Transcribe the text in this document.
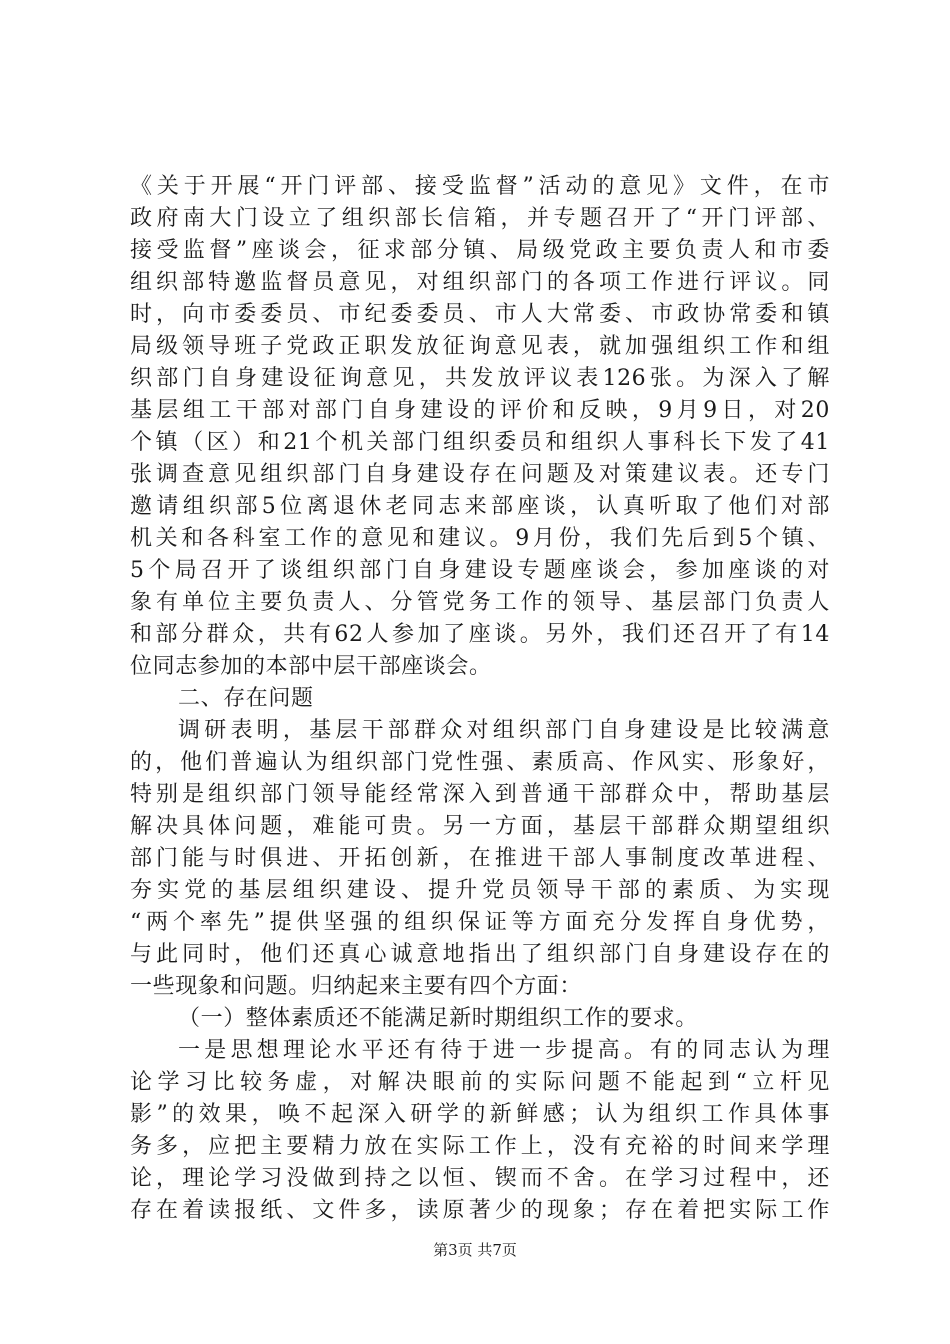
《关于开展“开门评部、接受监督”活动的意见》文件，在市
政府南大门设立了组织部长信箱，并专题召开了“开门评部、
接受监督”座谈会，征求部分镇、局级党政主要负责人和市委
组织部特邀监督员意见，对组织部门的各项工作进行评议。同
时，向市委委员、市纪委委员、市人大常委、市政协常委和镇
局级领导班子党政正职发放征询意见表，就加强组织工作和组
织部门自身建设征询意见，共发放评议表126张。为深入了解
基层组工干部对部门自身建设的评价和反映，9月9日，对20
个镇（区）和21个机关部门组织委员和组织人事科长下发了41
张调查意见组织部门自身建设存在问题及对策建议表。还专门
邀请组织部5位离退休老同志来部座谈，认真听取了他们对部
机关和各科室工作的意见和建议。9月份，我们先后到5个镇、
5个局召开了谈组织部门自身建设专题座谈会，参加座谈的对
象有单位主要负责人、分管党务工作的领导、基层部门负责人
和部分群众，共有62人参加了座谈。另外，我们还召开了有14
位同志参加的本部中层干部座谈会。
二、存在问题
调研表明，基层干部群众对组织部门自身建设是比较满意
的，他们普遍认为组织部门党性强、素质高、作风实、形象好，
特别是组织部门领导能经常深入到普通干部群众中，帮助基层
解决具体问题，难能可贵。另一方面，基层干部群众期望组织
部门能与时俱进、开拓创新，在推进干部人事制度改革进程、
夯实党的基层组织建设、提升党员领导干部的素质、为实现
“两个率先”提供坚强的组织保证等方面充分发挥自身优势，
与此同时，他们还真心诚意地指出了组织部门自身建设存在的
一些现象和问题。归纳起来主要有四个方面：
（一）整体素质还不能满足新时期组织工作的要求。
一是思想理论水平还有待于进一步提高。有的同志认为理
论学习比较务虚，对解决眼前的实际问题不能起到“立杆见
影”的效果，唤不起深入研学的新鲜感；认为组织工作具体事
务多，应把主要精力放在实际工作上，没有充裕的时间来学理
论，理论学习没做到持之以恒、锲而不舍。在学习过程中，还
存在着读报纸、文件多，读原著少的现象；存在着把实际工作
第3页 共7页
